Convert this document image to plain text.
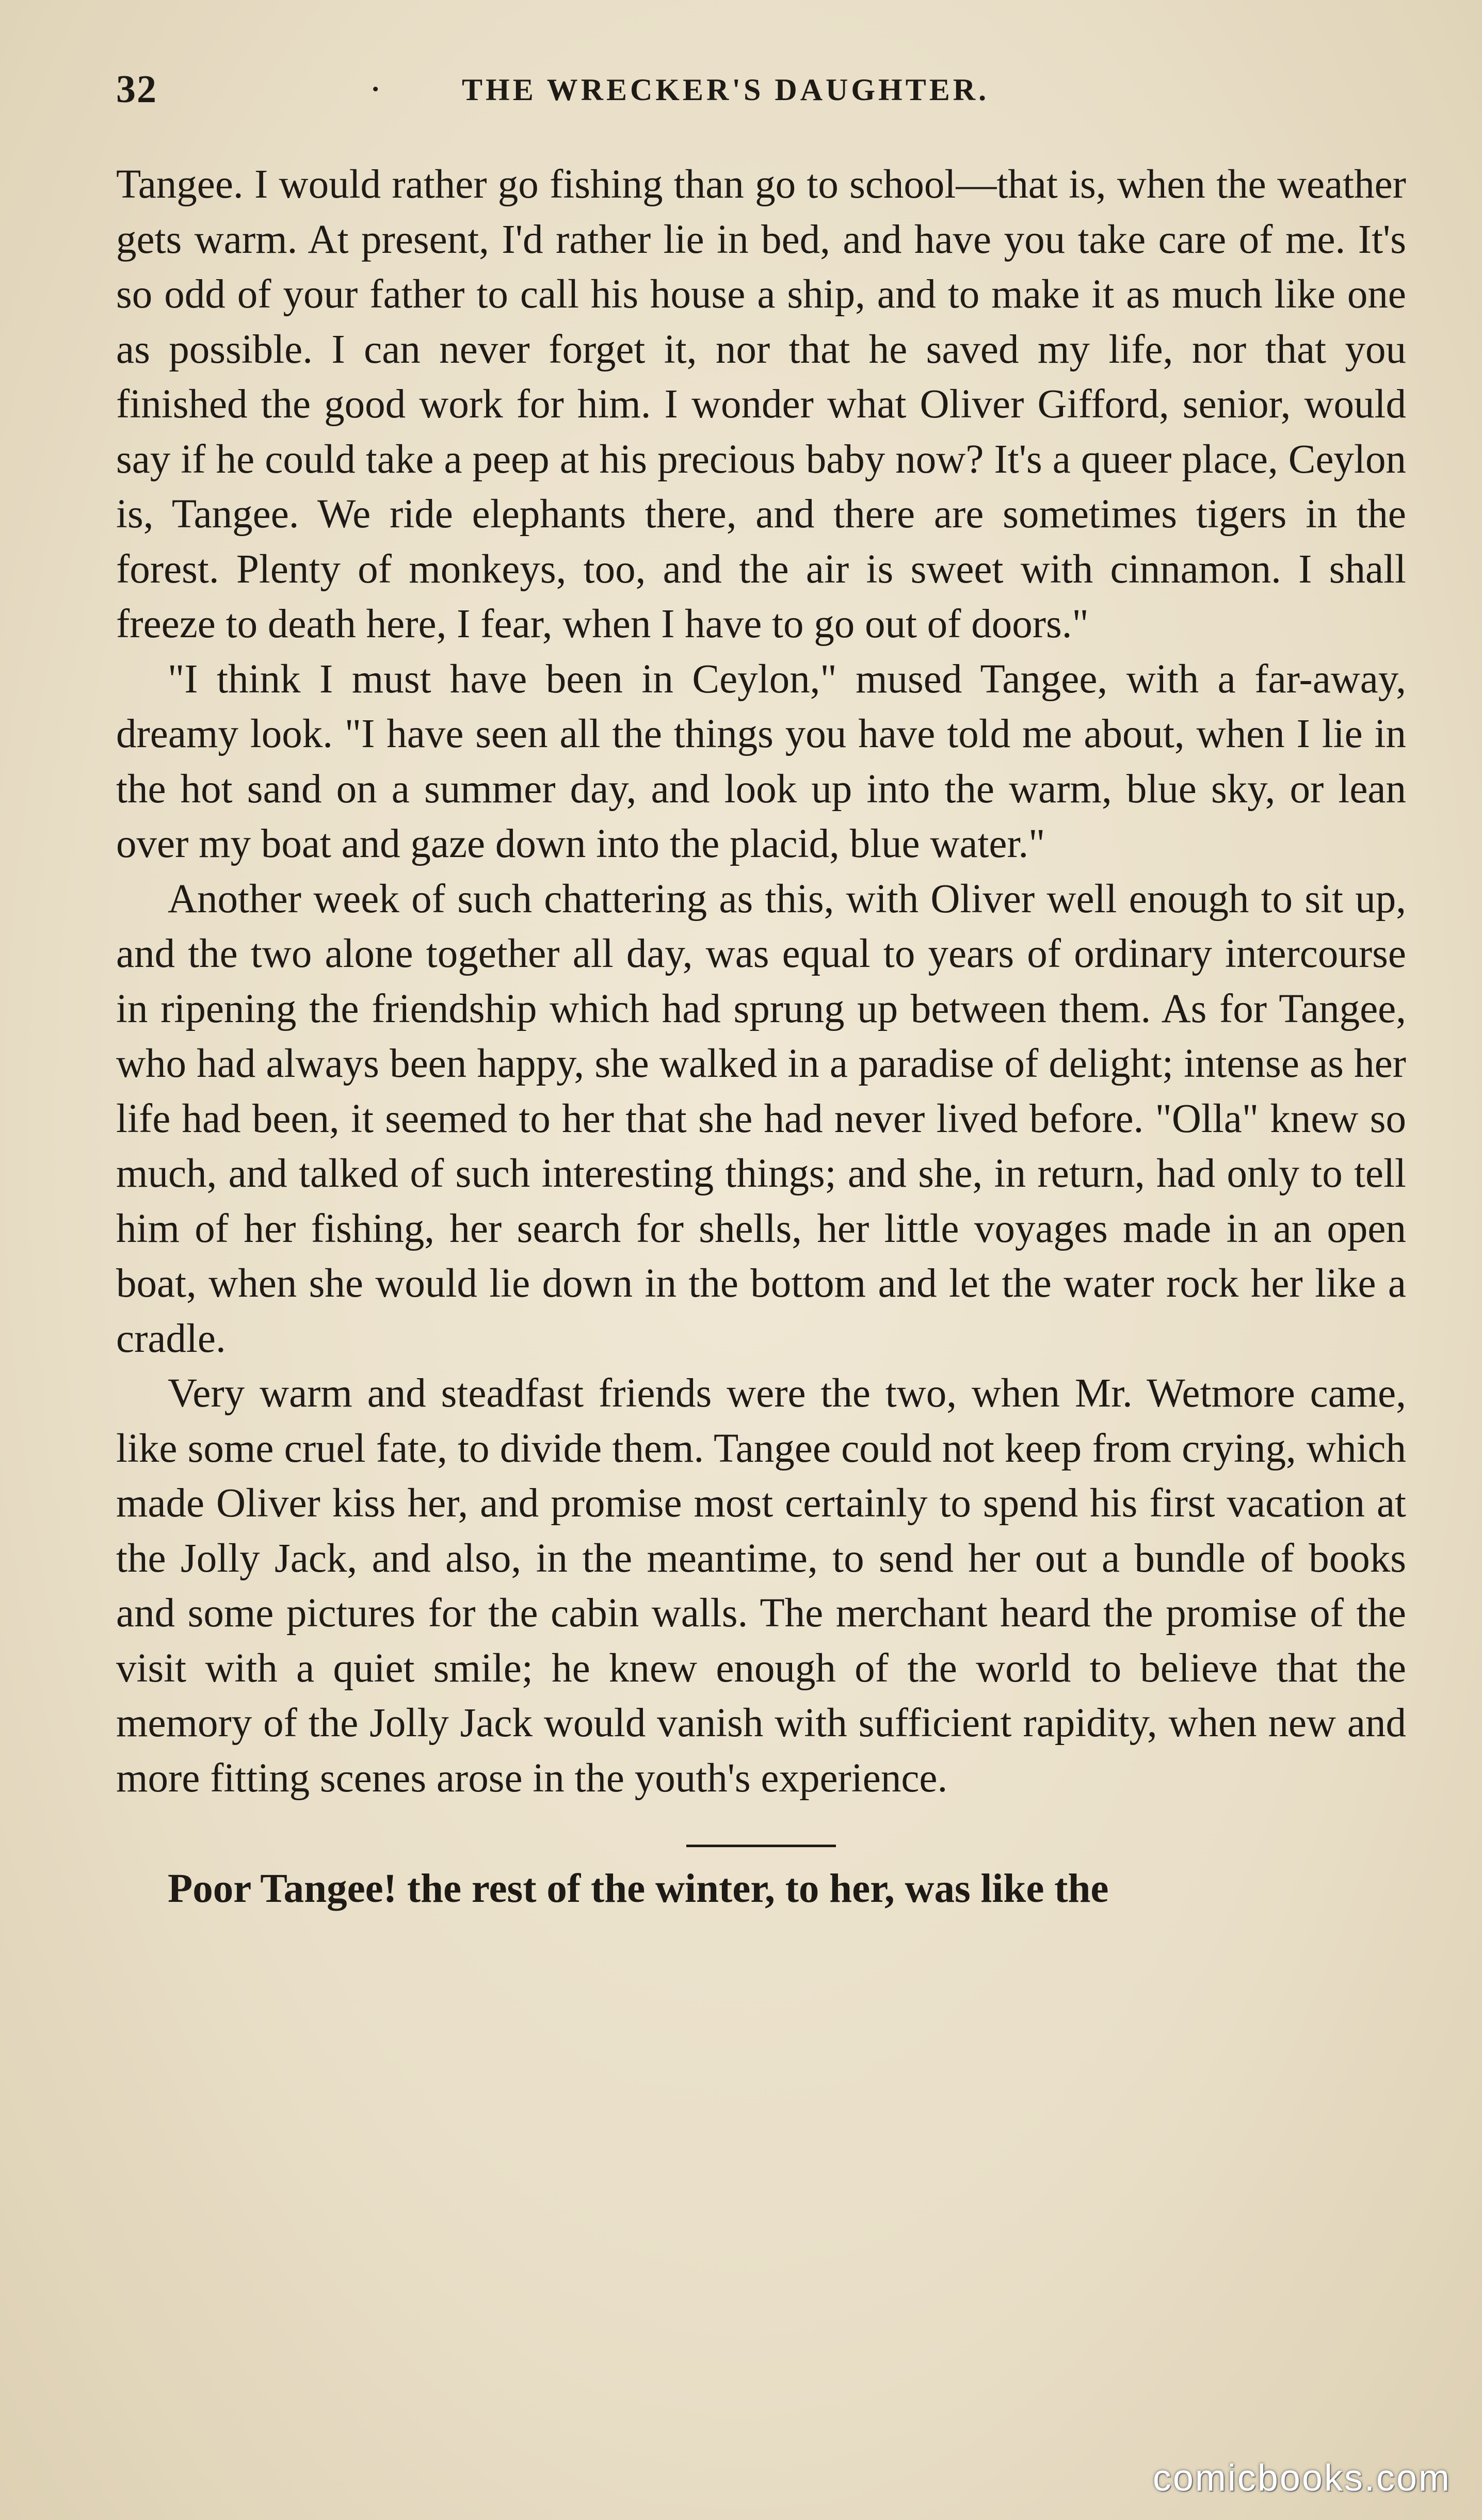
32	·	THE WRECKER'S DAUGHTER.

Tangee. I would rather go fishing than go to school—that is, when the weather gets warm. At present, I'd rather lie in bed, and have you take care of me. It's so odd of your father to call his house a ship, and to make it as much like one as possible. I can never forget it, nor that he saved my life, nor that you finished the good work for him. I wonder what Oliver Gifford, senior, would say if he could take a peep at his precious baby now? It's a queer place, Ceylon is, Tangee. We ride elephants there, and there are sometimes tigers in the forest. Plenty of monkeys, too, and the air is sweet with cinnamon. I shall freeze to death here, I fear, when I have to go out of doors."

"I think I must have been in Ceylon," mused Tangee, with a far-away, dreamy look. "I have seen all the things you have told me about, when I lie in the hot sand on a summer day, and look up into the warm, blue sky, or lean over my boat and gaze down into the placid, blue water."

Another week of such chattering as this, with Oliver well enough to sit up, and the two alone together all day, was equal to years of ordinary intercourse in ripening the friendship which had sprung up between them. As for Tangee, who had always been happy, she walked in a paradise of delight; intense as her life had been, it seemed to her that she had never lived before. "Olla" knew so much, and talked of such interesting things; and she, in return, had only to tell him of her fishing, her search for shells, her little voyages made in an open boat, when she would lie down in the bottom and let the water rock her like a cradle.

Very warm and steadfast friends were the two, when Mr. Wetmore came, like some cruel fate, to divide them. Tangee could not keep from crying, which made Oliver kiss her, and promise most certainly to spend his first vacation at the Jolly Jack, and also, in the meantime, to send her out a bundle of books and some pictures for the cabin walls. The merchant heard the promise of the visit with a quiet smile; he knew enough of the world to believe that the memory of the Jolly Jack would vanish with sufficient rapidity, when new and more fitting scenes arose in the youth's experience.

Poor Tangee! the rest of the winter, to her, was like the

comicbooks.com
